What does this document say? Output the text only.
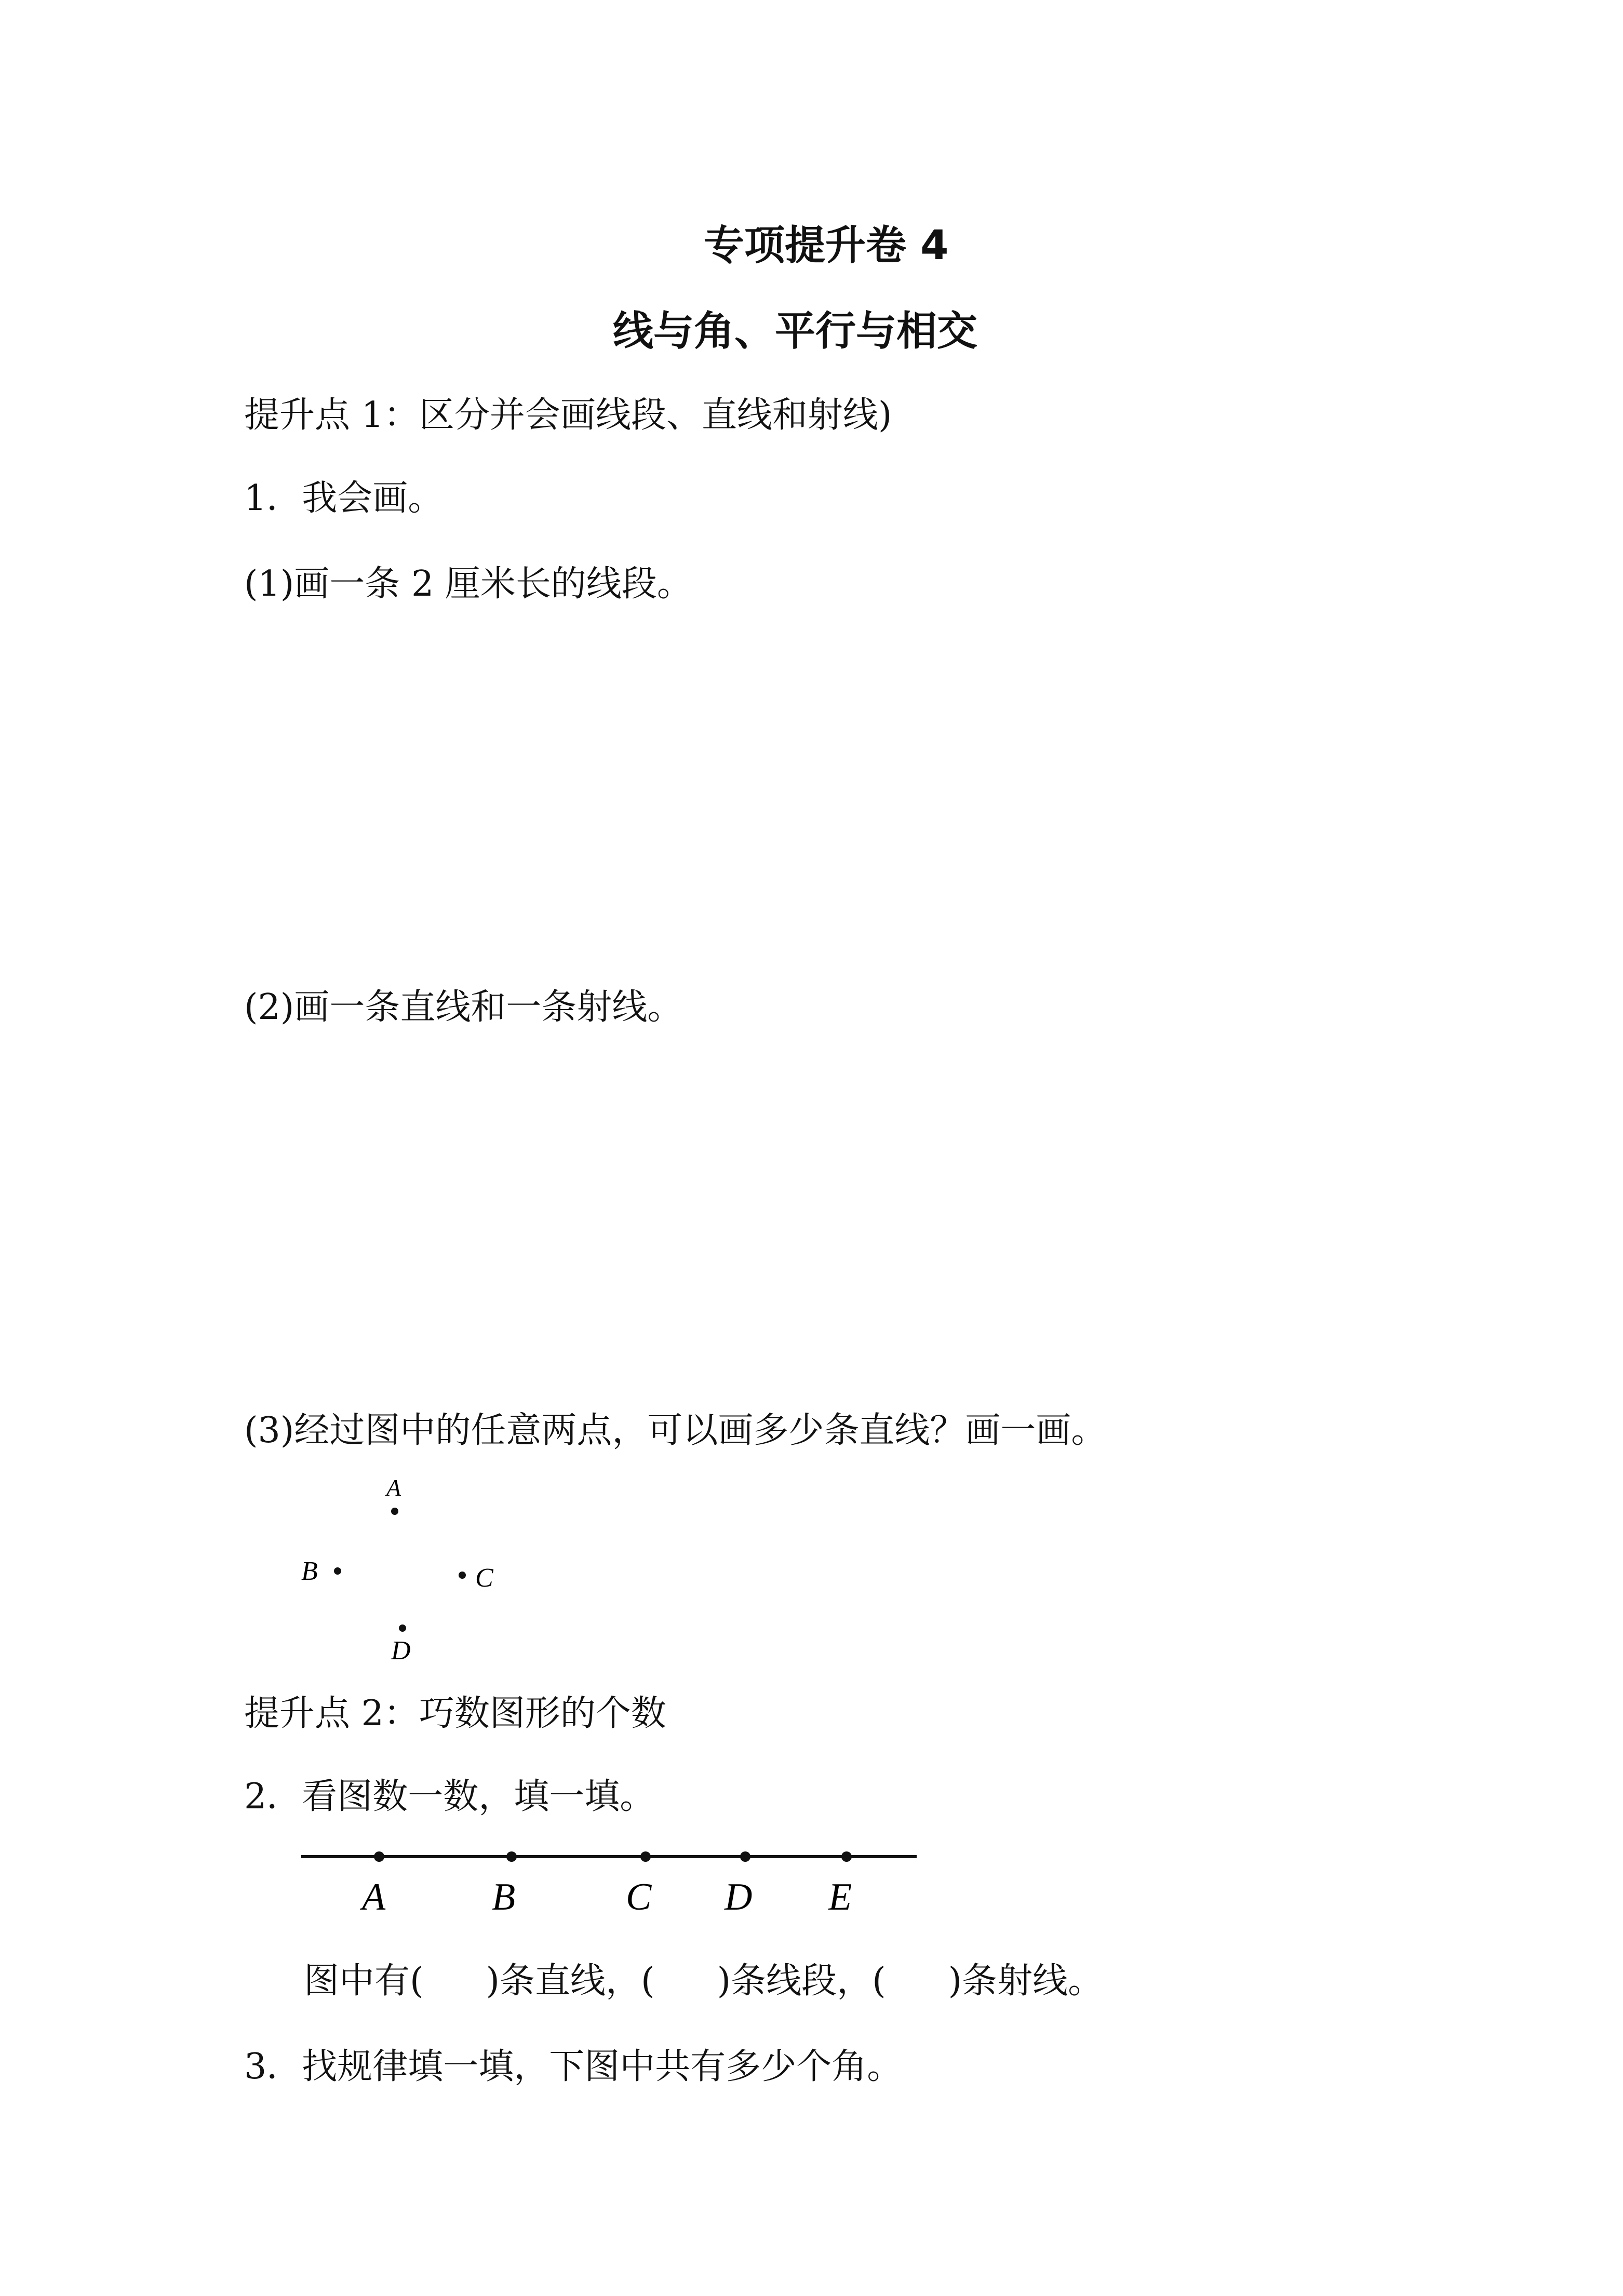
专项提升卷 4
线与角、平行与相交
提升点 1：区分并会画线段、直线和射线)
1．我会画。
(1)画一条 2 厘米长的线段。
(2)画一条直线和一条射线。
(3)经过图中的任意两点，可以画多少条直线？画一画。
A
B	C
D
提升点 2：巧数图形的个数
2．看图数一数，填一填。
A	B	C D E
图中有( )条直线，( )条线段，( )条射线。
3．找规律填一填，下图中共有多少个角。
